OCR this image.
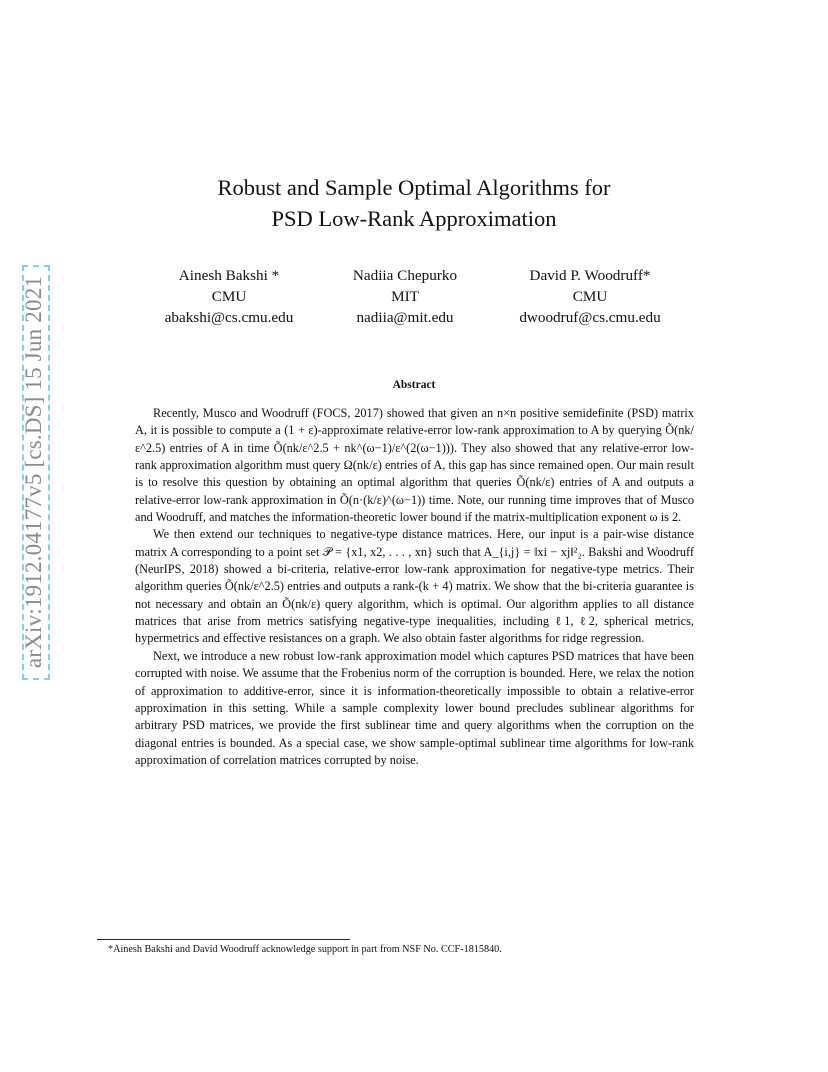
arXiv:1912.04177v5 [cs.DS] 15 Jun 2021
Robust and Sample Optimal Algorithms for
PSD Low-Rank Approximation
Ainesh Bakshi *
CMU
abakshi@cs.cmu.edu
Nadiia Chepurko
MIT
nadiia@mit.edu
David P. Woodruff*
CMU
dwoodruf@cs.cmu.edu
Abstract

Recently, Musco and Woodruff (FOCS, 2017) showed that given an n×n positive semidefinite (PSD) matrix A, it is possible to compute a (1 + ε)-approximate relative-error low-rank approximation to A by querying Õ(nk/ε^2.5) entries of A in time Õ(nk/ε^2.5 + nk^(ω−1)/ε^(2(ω−1))). They also showed that any relative-error low-rank approximation algorithm must query Ω(nk/ε) entries of A, this gap has since remained open. Our main result is to resolve this question by obtaining an optimal algorithm that queries Õ(nk/ε) entries of A and outputs a relative-error low-rank approximation in Õ(n·(k/ε)^(ω−1)) time. Note, our running time improves that of Musco and Woodruff, and matches the information-theoretic lower bound if the matrix-multiplication exponent ω is 2.

We then extend our techniques to negative-type distance matrices. Here, our input is a pair-wise distance matrix A corresponding to a point set 𝒫 = {x1, x2, . . . , xn} such that A_{i,j} = ‖xi − xj‖²₂. Bakshi and Woodruff (NeurIPS, 2018) showed a bi-criteria, relative-error low-rank approximation for negative-type metrics. Their algorithm queries Õ(nk/ε^2.5) entries and outputs a rank-(k + 4) matrix. We show that the bi-criteria guarantee is not necessary and obtain an Õ(nk/ε) query algorithm, which is optimal. Our algorithm applies to all distance matrices that arise from metrics satisfying negative-type inequalities, including ℓ1, ℓ2, spherical metrics, hypermetrics and effective resistances on a graph. We also obtain faster algorithms for ridge regression.

Next, we introduce a new robust low-rank approximation model which captures PSD matrices that have been corrupted with noise. We assume that the Frobenius norm of the corruption is bounded. Here, we relax the notion of approximation to additive-error, since it is information-theoretically impossible to obtain a relative-error approximation in this setting. While a sample complexity lower bound precludes sublinear algorithms for arbitrary PSD matrices, we provide the first sublinear time and query algorithms when the corruption on the diagonal entries is bounded. As a special case, we show sample-optimal sublinear time algorithms for low-rank approximation of correlation matrices corrupted by noise.

*Ainesh Bakshi and David Woodruff acknowledge support in part from NSF No. CCF-1815840.
